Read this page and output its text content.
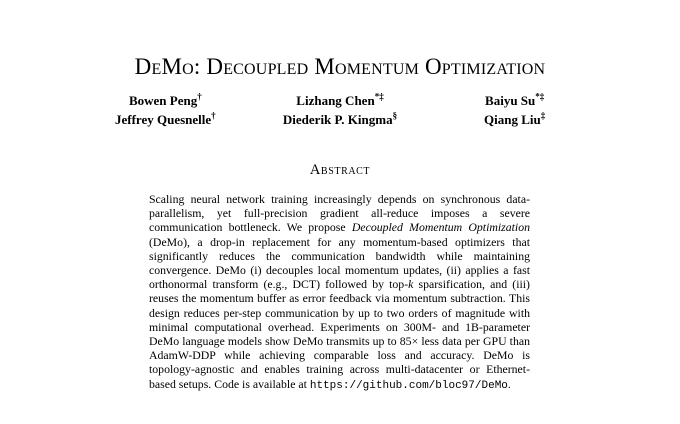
DeMo: Decoupled Momentum Optimization
Bowen Peng†	Lizhang Chen*‡	Baiyu Su*‡
Jeffrey Quesnelle†	Diederik P. Kingma§	Qiang Liu‡
Abstract
Scaling neural network training increasingly depends on synchronous data-parallelism, yet full-precision gradient all-reduce imposes a severe communication bottleneck. We propose Decoupled Momentum Optimization (DeMo), a drop-in replacement for any momentum-based optimizers that significantly reduces the communication bandwidth while maintaining convergence. DeMo (i) decouples local momentum updates, (ii) applies a fast orthonormal transform (e.g., DCT) followed by top-k sparsification, and (iii) reuses the momentum buffer as error feedback via momentum subtraction. This design reduces per-step communication by up to two orders of magnitude with minimal computational overhead. Experiments on 300M- and 1B-parameter DeMo language models show DeMo transmits up to 85× less data per GPU than AdamW-DDP while achieving comparable loss and accuracy. DeMo is topology-agnostic and enables training across multi-datacenter or Ethernet-based setups. Code is available at https://github.com/bloc97/DeMo.
